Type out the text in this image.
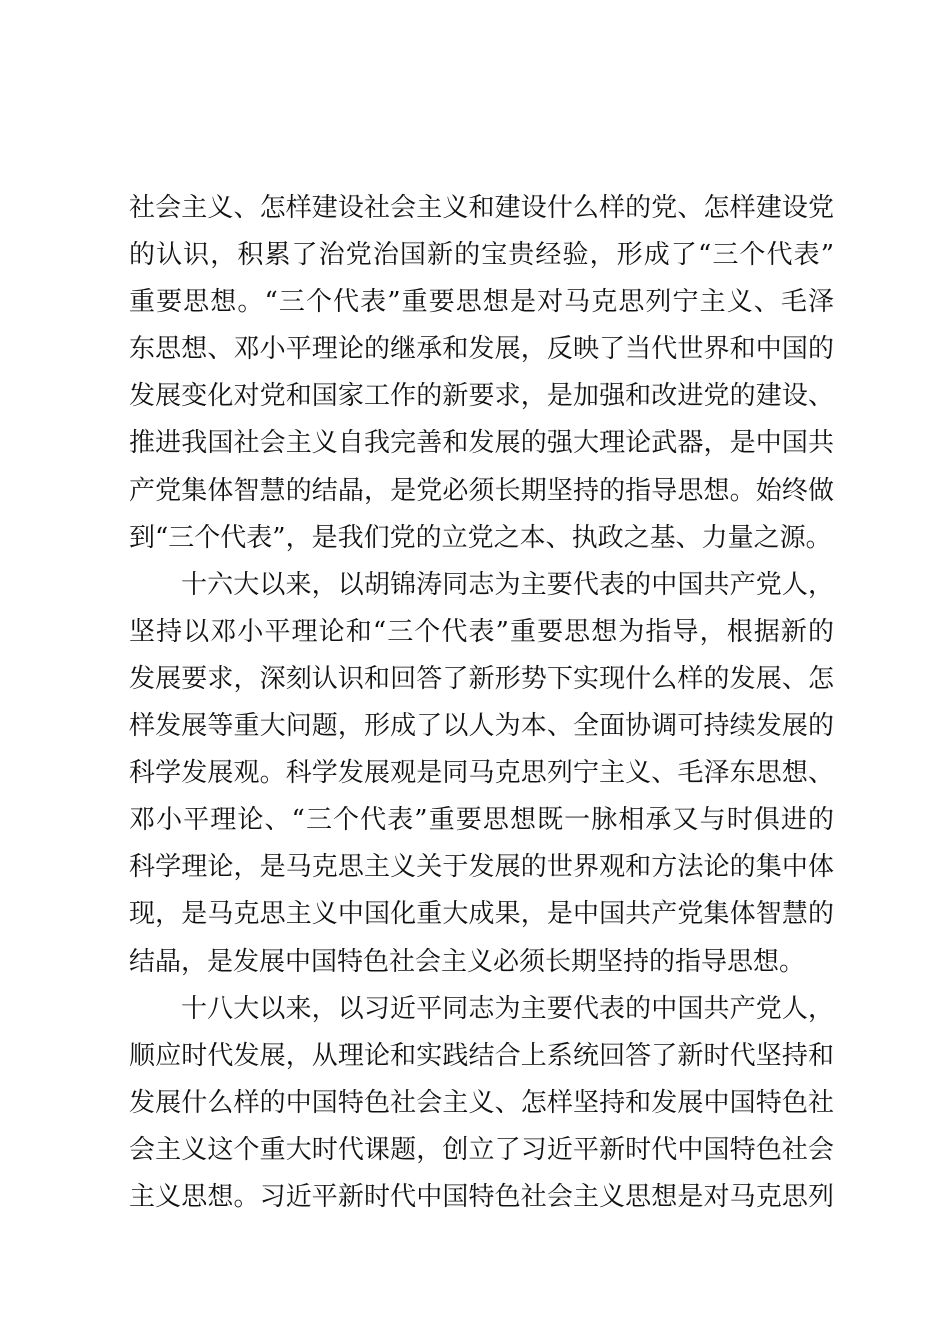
社会主义、怎样建设社会主义和建设什么样的党、怎样建设党
的认识，积累了治党治国新的宝贵经验，形成了“三个代表”
重要思想。“三个代表”重要思想是对马克思列宁主义、毛泽
东思想、邓小平理论的继承和发展，反映了当代世界和中国的
发展变化对党和国家工作的新要求，是加强和改进党的建设、
推进我国社会主义自我完善和发展的强大理论武器，是中国共
产党集体智慧的结晶，是党必须长期坚持的指导思想。始终做
到“三个代表”，是我们党的立党之本、执政之基、力量之源。
十六大以来，以胡锦涛同志为主要代表的中国共产党人，
坚持以邓小平理论和“三个代表”重要思想为指导，根据新的
发展要求，深刻认识和回答了新形势下实现什么样的发展、怎
样发展等重大问题，形成了以人为本、全面协调可持续发展的
科学发展观。科学发展观是同马克思列宁主义、毛泽东思想、
邓小平理论、“三个代表”重要思想既一脉相承又与时俱进的
科学理论，是马克思主义关于发展的世界观和方法论的集中体
现，是马克思主义中国化重大成果，是中国共产党集体智慧的
结晶，是发展中国特色社会主义必须长期坚持的指导思想。
十八大以来，以习近平同志为主要代表的中国共产党人，
顺应时代发展，从理论和实践结合上系统回答了新时代坚持和
发展什么样的中国特色社会主义、怎样坚持和发展中国特色社
会主义这个重大时代课题，创立了习近平新时代中国特色社会
主义思想。习近平新时代中国特色社会主义思想是对马克思列
